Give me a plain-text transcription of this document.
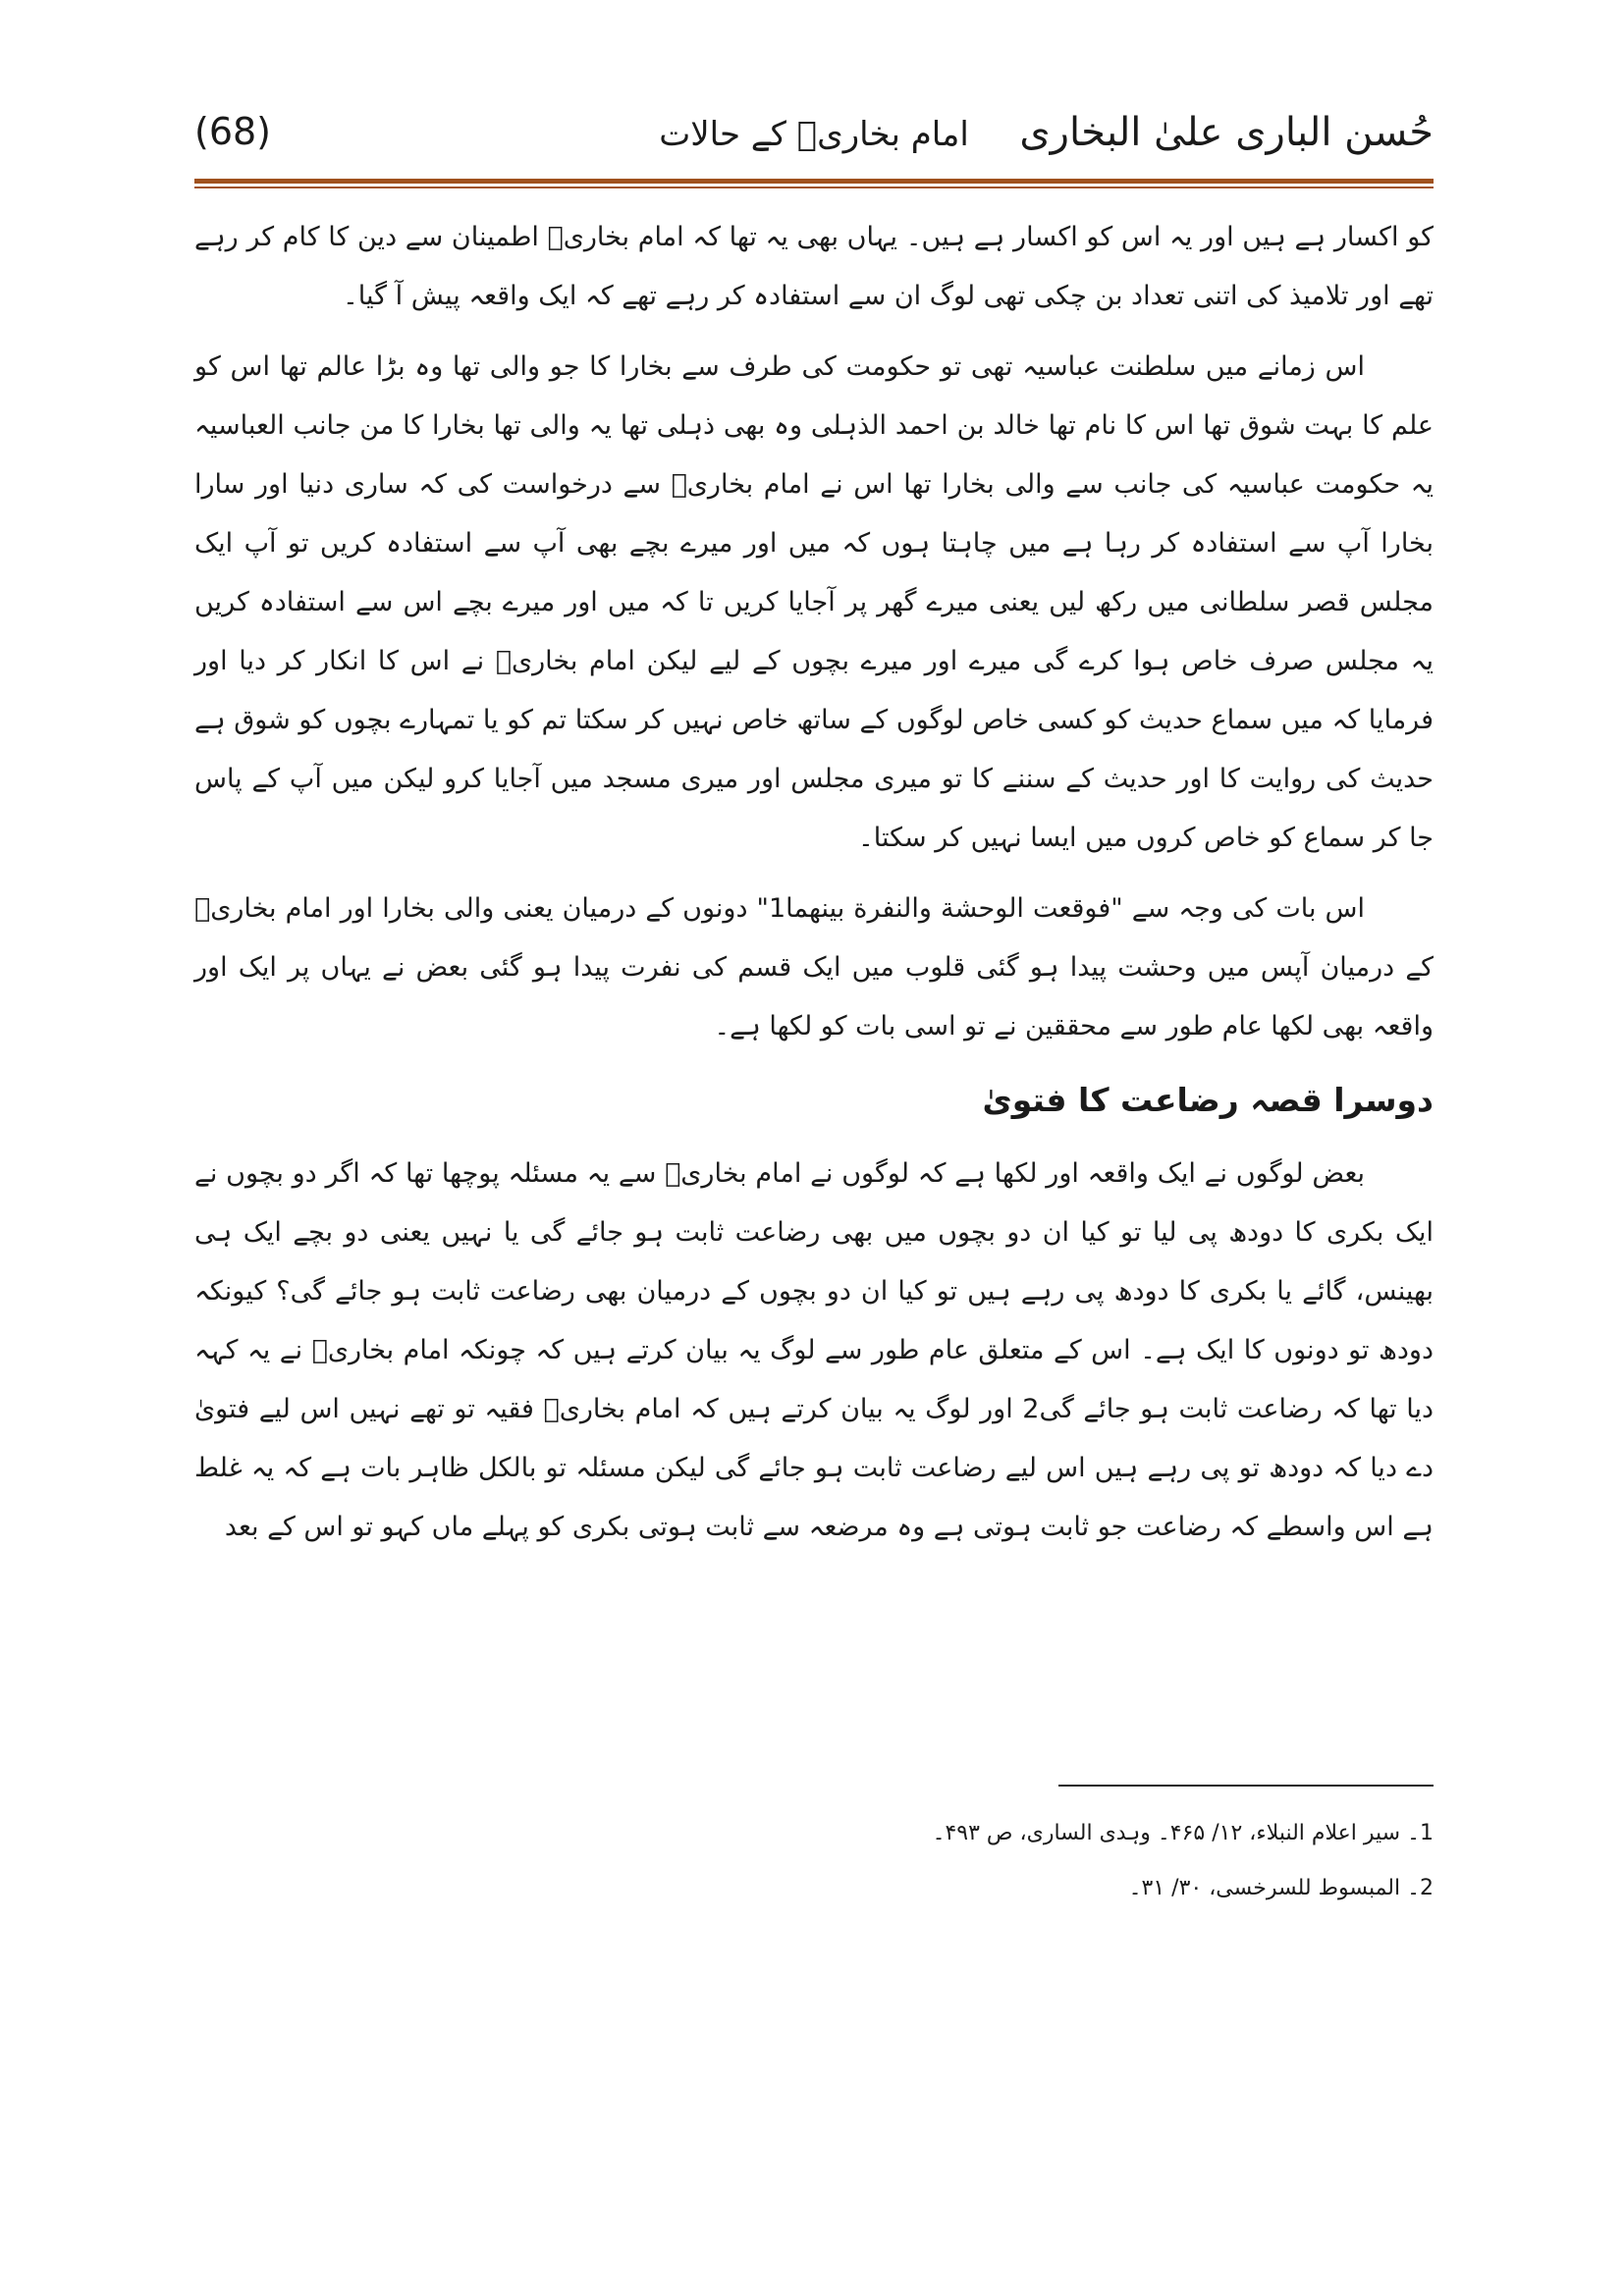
حُسن الباری علیٰ البخاری
امام بخاریؒ کے حالات
(68)

کو اکسار ہے ہیں اور یہ اس کو اکسار ہے ہیں۔ یہاں بھی یہ تھا کہ امام بخاریؒ اطمینان سے دین کا کام کر رہے تھے اور تلامیذ کی اتنی تعداد بن چکی تھی لوگ ان سے استفادہ کر رہے تھے کہ ایک واقعہ پیش آ گیا۔

اس زمانے میں سلطنت عباسیہ تھی تو حکومت کی طرف سے بخارا کا جو والی تھا وہ بڑا عالم تھا اس کو علم کا بہت شوق تھا اس کا نام تھا خالد بن احمد الذہلی وہ بھی ذہلی تھا یہ والی تھا بخارا کا من جانب العباسیہ یہ حکومت عباسیہ کی جانب سے والی بخارا تھا اس نے امام بخاریؒ سے درخواست کی کہ ساری دنیا اور سارا بخارا آپ سے استفادہ کر رہا ہے میں چاہتا ہوں کہ میں اور میرے بچے بھی آپ سے استفادہ کریں تو آپ ایک مجلس قصر سلطانی میں رکھ لیں یعنی میرے گھر پر آجایا کریں تا کہ میں اور میرے بچے اس سے استفادہ کریں یہ مجلس صرف خاص ہوا کرے گی میرے اور میرے بچوں کے لیے لیکن امام بخاریؒ نے اس کا انکار کر دیا اور فرمایا کہ میں سماع حدیث کو کسی خاص لوگوں کے ساتھ خاص نہیں کر سکتا تم کو یا تمہارے بچوں کو شوق ہے حدیث کی روایت کا اور حدیث کے سننے کا تو میری مجلس اور میری مسجد میں آجایا کرو لیکن میں آپ کے پاس جا کر سماع کو خاص کروں میں ایسا نہیں کر سکتا۔

اس بات کی وجہ سے "فوقعت الوحشة والنفرة بينهما1" دونوں کے درمیان یعنی والی بخارا اور امام بخاریؒ کے درمیان آپس میں وحشت پیدا ہو گئی قلوب میں ایک قسم کی نفرت پیدا ہو گئی بعض نے یہاں پر ایک اور واقعہ بھی لکھا عام طور سے محققین نے تو اسی بات کو لکھا ہے۔

دوسرا قصہ رضاعت کا فتویٰ

بعض لوگوں نے ایک واقعہ اور لکھا ہے کہ لوگوں نے امام بخاریؒ سے یہ مسئلہ پوچھا تھا کہ اگر دو بچوں نے ایک بکری کا دودھ پی لیا تو کیا ان دو بچوں میں بھی رضاعت ثابت ہو جائے گی یا نہیں یعنی دو بچے ایک ہی بھینس، گائے یا بکری کا دودھ پی رہے ہیں تو کیا ان دو بچوں کے درمیان بھی رضاعت ثابت ہو جائے گی؟ کیونکہ دودھ تو دونوں کا ایک ہے۔ اس کے متعلق عام طور سے لوگ یہ بیان کرتے ہیں کہ چونکہ امام بخاریؒ نے یہ کہہ دیا تھا کہ رضاعت ثابت ہو جائے گی2 اور لوگ یہ بیان کرتے ہیں کہ امام بخاریؒ فقیہ تو تھے نہیں اس لیے فتویٰ دے دیا کہ دودھ تو پی رہے ہیں اس لیے رضاعت ثابت ہو جائے گی لیکن مسئلہ تو بالکل ظاہر بات ہے کہ یہ غلط ہے اس واسطے کہ رضاعت جو ثابت ہوتی ہے وہ مرضعہ سے ثابت ہوتی بکری کو پہلے ماں کہو تو اس کے بعد

1۔ سیر اعلام النبلاء، ۱۲/ ۴۶۵۔ وہدی الساری، ص ۴۹۳۔
2۔ المبسوط للسرخسی، ۳۰/ ۳۱۔
